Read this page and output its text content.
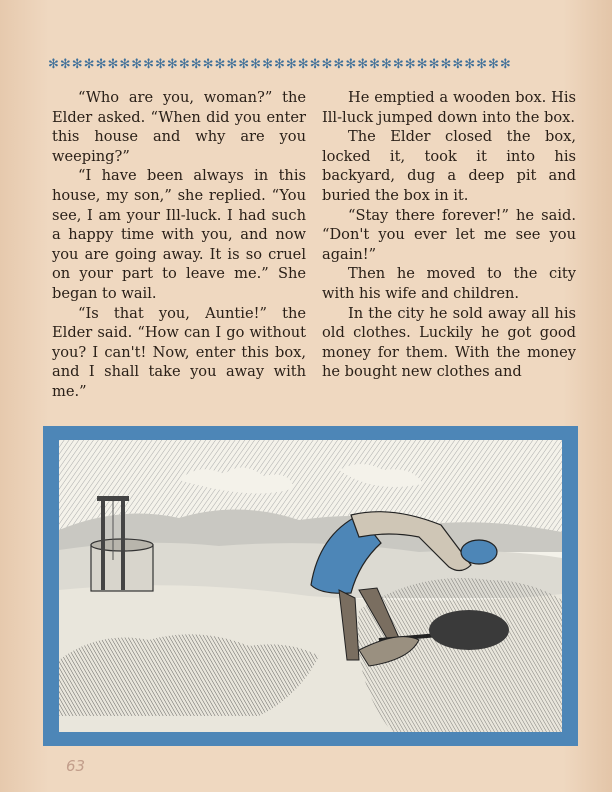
✻✻✻✻✻✻✻✻✻✻✻✻✻✻✻✻✻✻✻✻✻✻✻✻✻✻✻✻✻✻✻✻✻✻✻✻✻✻✻

“Who are you, woman?” the Elder asked. “When did you enter this house and why are you weeping?”

“I have been always in this house, my son,” she replied. “You see, I am your Ill-luck. I had such a happy time with you, and now you are going away. It is so cruel on your part to leave me.” She began to wail.

“Is that you, Auntie!” the Elder said. “How can I go without you? I can't! Now, enter this box, and I shall take you away with me.”

He emptied a wooden box. His Ill-luck jumped down into the box.

The Elder closed the box, locked it, took it into his backyard, dug a deep pit and buried the box in it.

“Stay there forever!” he said. “Don't you ever let me see you again!”

Then he moved to the city with his wife and children.

In the city he sold away all his old clothes. Luckily he got good money for them. With the money he bought new clothes and

63
